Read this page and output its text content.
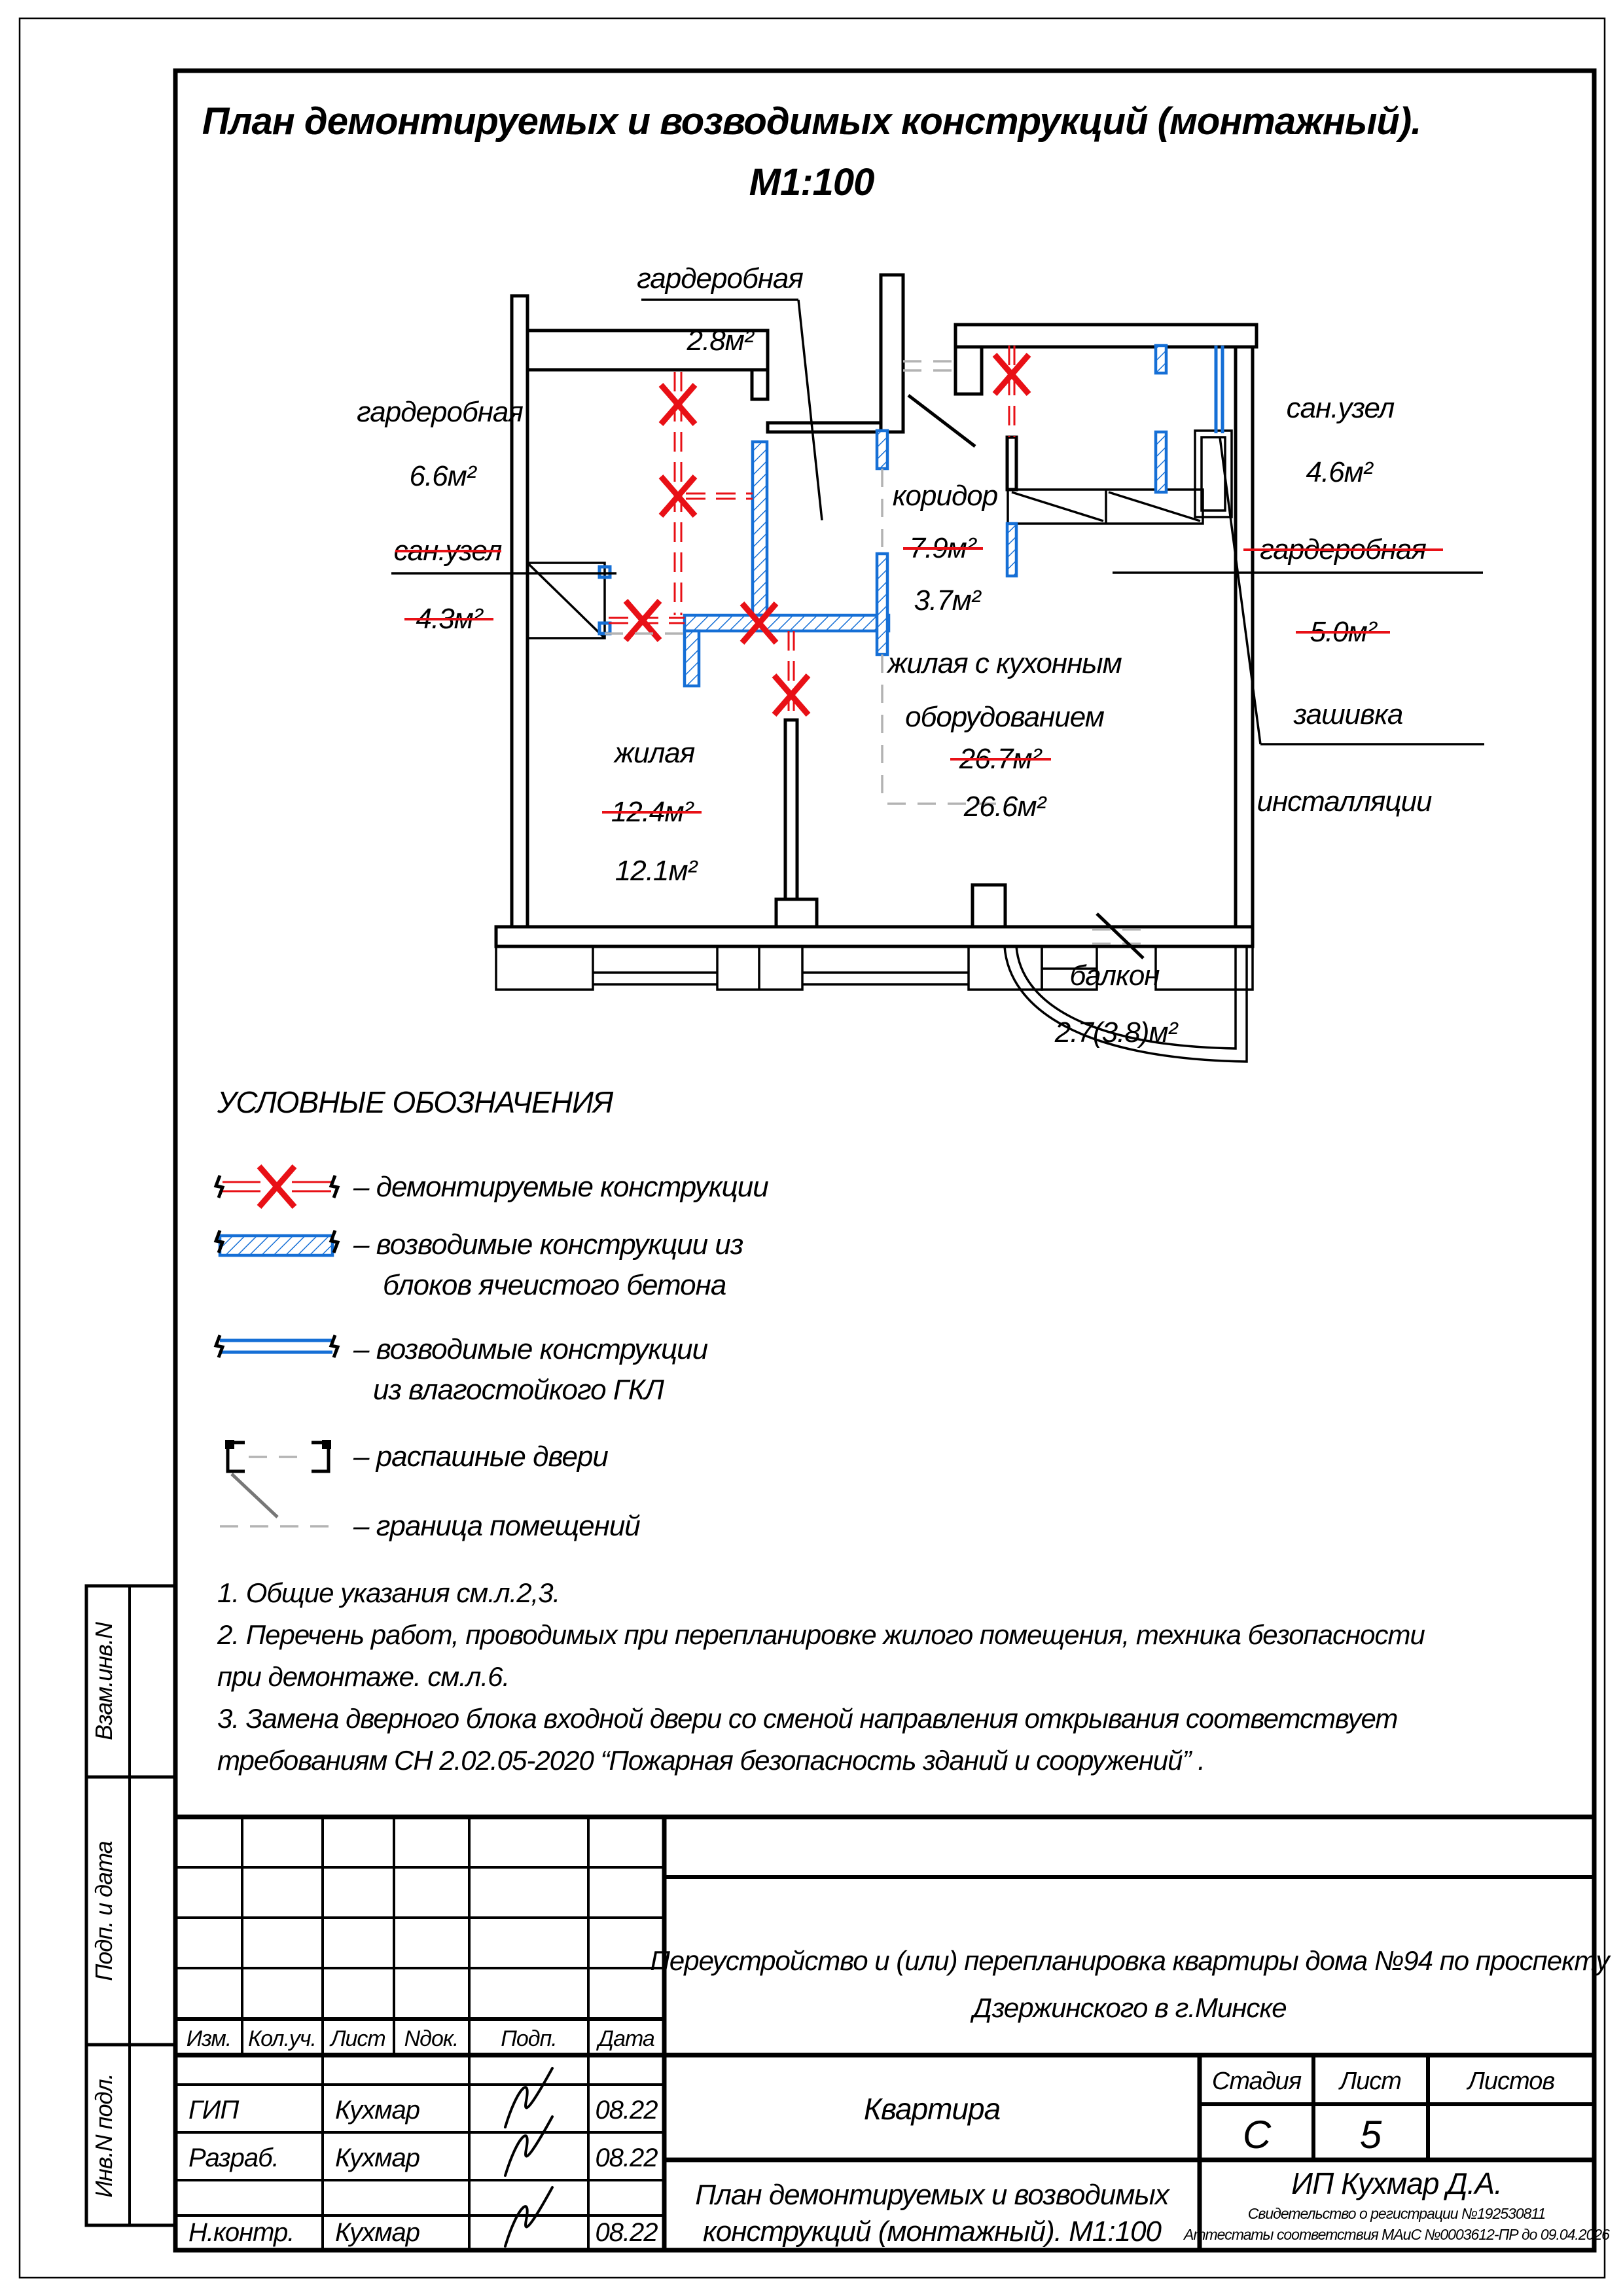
План демонтируемых и возводимых конструкций (монтажный).
М1:100
гардеробная
2.8м²
гардеробная
6.6м²
сан.узел
4.3м²
коридор
7.9м²
3.7м²
сан.узел
4.6м²
гардеробная
5.0м²
зашивка
инсталляции
жилая
12.4м²
12.1м²
жилая с кухонным
оборудованием
26.7м²
26.6м²
балкон
2.7(3.8)м²
УСЛОВНЫЕ ОБОЗНАЧЕНИЯ
– демонтируемые конструкции
– возводимые конструкции из
блоков ячеистого бетона
– возводимые конструкции
из влагостойкого ГКЛ
– распашные двери
– граница помещений
1. Общие указания см.л.2,3.
2. Перечень работ, проводимых при перепланировке жилого помещения, техника безопасности
при демонтаже. см.л.6.
3. Замена дверного блока входной двери со сменой направления открывания соответствует
требованиям СН 2.02.05-2020 “Пожарная безопасность зданий и сооружений” .
Взам.инв.N
Подп. и дата
Инв.N подл.
Изм. Кол.уч. Лист Nдок. Подп. Дата
ГИП	Кухмар	08.22
Разраб. Кухмар	08.22
Н.контр. Кухмар	08.22
Переустройство и (или) перепланировка квартиры дома №94 по проспекту
Дзержинского в г.Минске
Квартира
Стадия Лист	Листов
С 5
План демонтируемых и возводимых
конструкций (монтажный). М1:100
ИП Кухмар Д.А.
Свидетельство о регистрации №192530811
Аттестаты соответствия МАиС №0003612-ПР до 09.04.2026
